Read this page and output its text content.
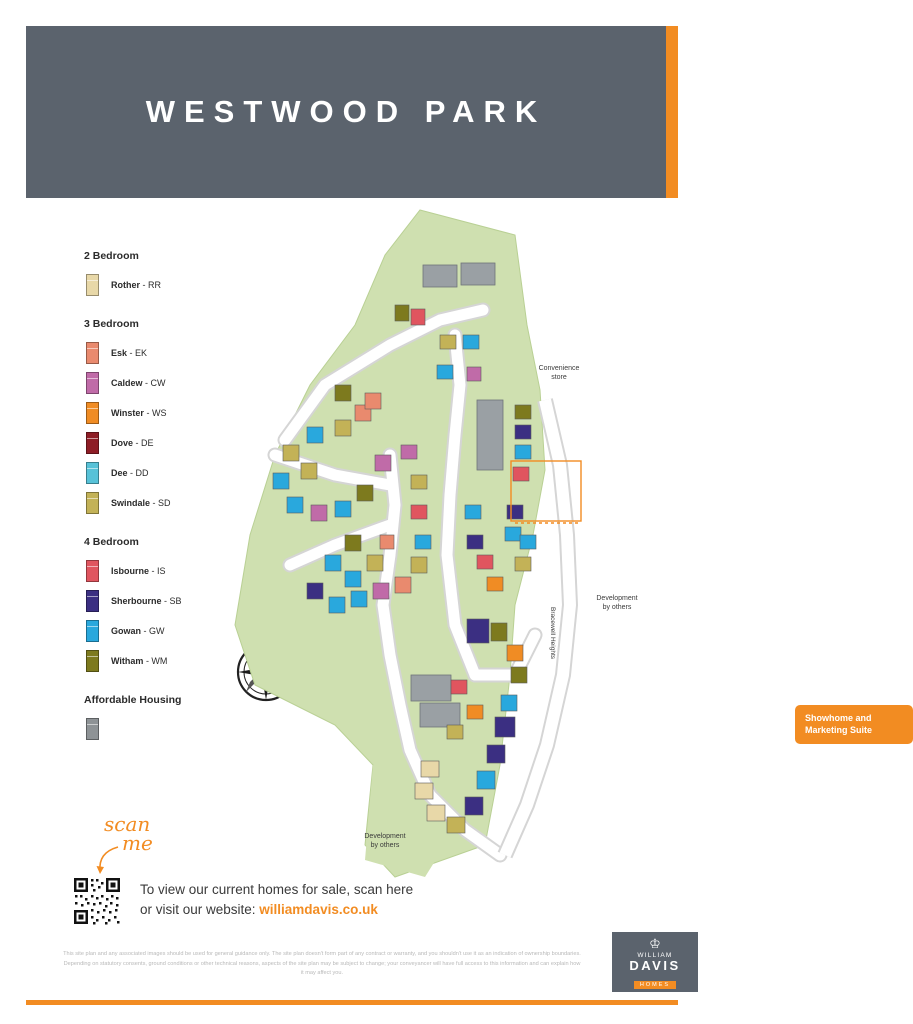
WESTWOOD PARK
2 Bedroom
Rother - RR
3 Bedroom
Esk - EK
Caldew - CW
Winster - WS
Dove - DE
Dee - DD
Swindale - SD
4 Bedroom
Isbourne - IS
Sherbourne - SB
Gowan - GW
Witham - WM
Affordable Housing
Convenience
store
Development
by others
Development
by others
Bracewell Heights
Showhome and
Marketing Suite
scan
me
To view our current homes for sale, scan here
or visit our website: williamdavis.co.uk
This site plan and any associated images should be used for general guidance only. The site plan doesn't form part of any contract or warranty, and you shouldn't use it as an indication of ownership boundaries. Depending on statutory consents, ground conditions or other technical reasons, aspects of the site plan may be subject to change; your conveyancer will have full access to this information and can explain how it may affect you.
♔
WILLIAM
DAVIS
HOMES
